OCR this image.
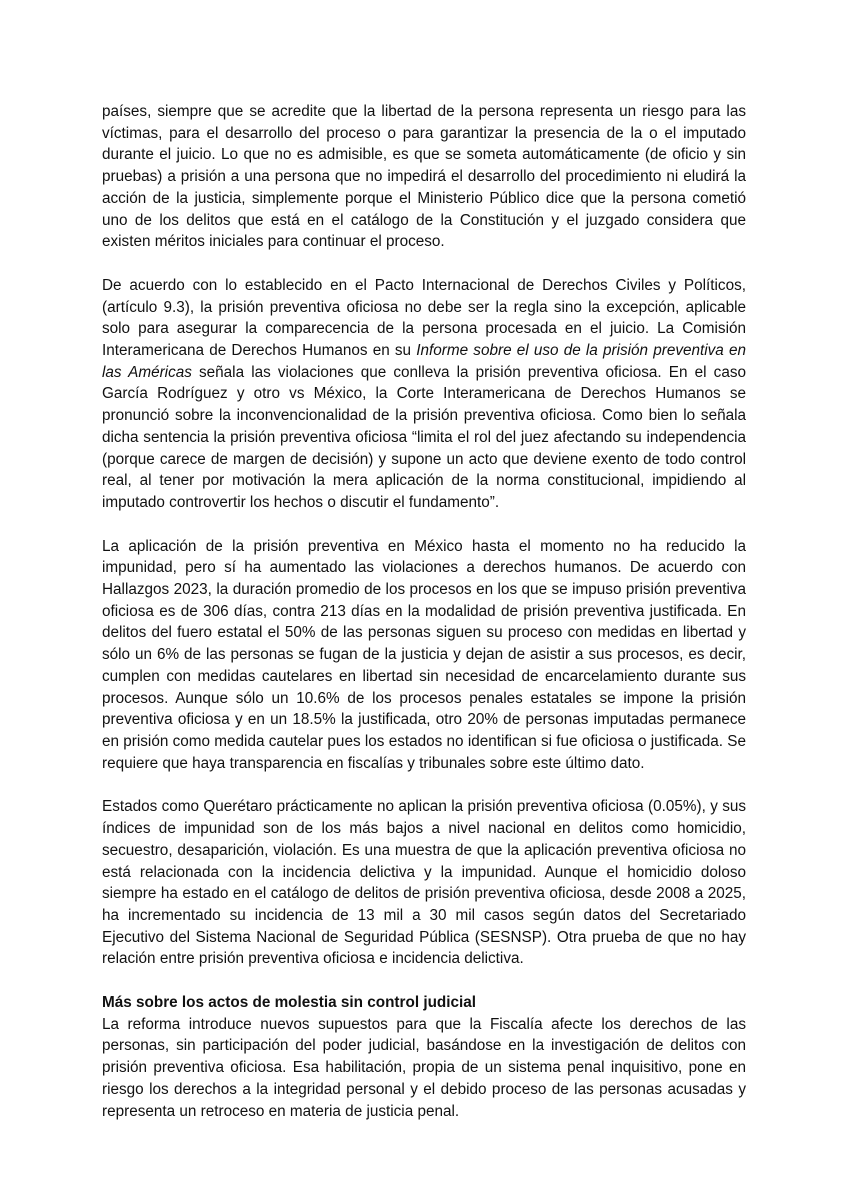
países, siempre que se acredite que la libertad de la persona representa un riesgo para las víctimas, para el desarrollo del proceso o para garantizar la presencia de la o el imputado durante el juicio. Lo que no es admisible, es que se someta automáticamente (de oficio y sin pruebas) a prisión a una persona que no impedirá el desarrollo del procedimiento ni eludirá la acción de la justicia, simplemente porque el Ministerio Público dice que la persona cometió uno de los delitos que está en el catálogo de la Constitución y el juzgado considera que existen méritos iniciales para continuar el proceso.

De acuerdo con lo establecido en el Pacto Internacional de Derechos Civiles y Políticos, (artículo 9.3), la prisión preventiva oficiosa no debe ser la regla sino la excepción, aplicable solo para asegurar la comparecencia de la persona procesada en el juicio. La Comisión Interamericana de Derechos Humanos en su Informe sobre el uso de la prisión preventiva en las Américas señala las violaciones que conlleva la prisión preventiva oficiosa. En el caso García Rodríguez y otro vs México, la Corte Interamericana de Derechos Humanos se pronunció sobre la inconvencionalidad de la prisión preventiva oficiosa. Como bien lo señala dicha sentencia la prisión preventiva oficiosa “limita el rol del juez afectando su independencia (porque carece de margen de decisión) y supone un acto que deviene exento de todo control real, al tener por motivación la mera aplicación de la norma constitucional, impidiendo al imputado controvertir los hechos o discutir el fundamento”.

La aplicación de la prisión preventiva en México hasta el momento no ha reducido la impunidad, pero sí ha aumentado las violaciones a derechos humanos. De acuerdo con Hallazgos 2023, la duración promedio de los procesos en los que se impuso prisión preventiva oficiosa es de 306 días, contra 213 días en la modalidad de prisión preventiva justificada. En delitos del fuero estatal el 50% de las personas siguen su proceso con medidas en libertad y sólo un 6% de las personas se fugan de la justicia y dejan de asistir a sus procesos, es decir, cumplen con medidas cautelares en libertad sin necesidad de encarcelamiento durante sus procesos. Aunque sólo un 10.6% de los procesos penales estatales se impone la prisión preventiva oficiosa y en un 18.5% la justificada, otro 20% de personas imputadas permanece en prisión como medida cautelar pues los estados no identifican si fue oficiosa o justificada. Se requiere que haya transparencia en fiscalías y tribunales sobre este último dato.

Estados como Querétaro prácticamente no aplican la prisión preventiva oficiosa (0.05%), y sus índices de impunidad son de los más bajos a nivel nacional en delitos como homicidio, secuestro, desaparición, violación. Es una muestra de que la aplicación preventiva oficiosa no está relacionada con la incidencia delictiva y la impunidad. Aunque el homicidio doloso siempre ha estado en el catálogo de delitos de prisión preventiva oficiosa, desde 2008 a 2025, ha incrementado su incidencia de 13 mil a 30 mil casos según datos del Secretariado Ejecutivo del Sistema Nacional de Seguridad Pública (SESNSP). Otra prueba de que no hay relación entre prisión preventiva oficiosa e incidencia delictiva.

Más sobre los actos de molestia sin control judicial

La reforma introduce nuevos supuestos para que la Fiscalía afecte los derechos de las personas, sin participación del poder judicial, basándose en la investigación de delitos con prisión preventiva oficiosa. Esa habilitación, propia de un sistema penal inquisitivo, pone en riesgo los derechos a la integridad personal y el debido proceso de las personas acusadas y representa un retroceso en materia de justicia penal.
